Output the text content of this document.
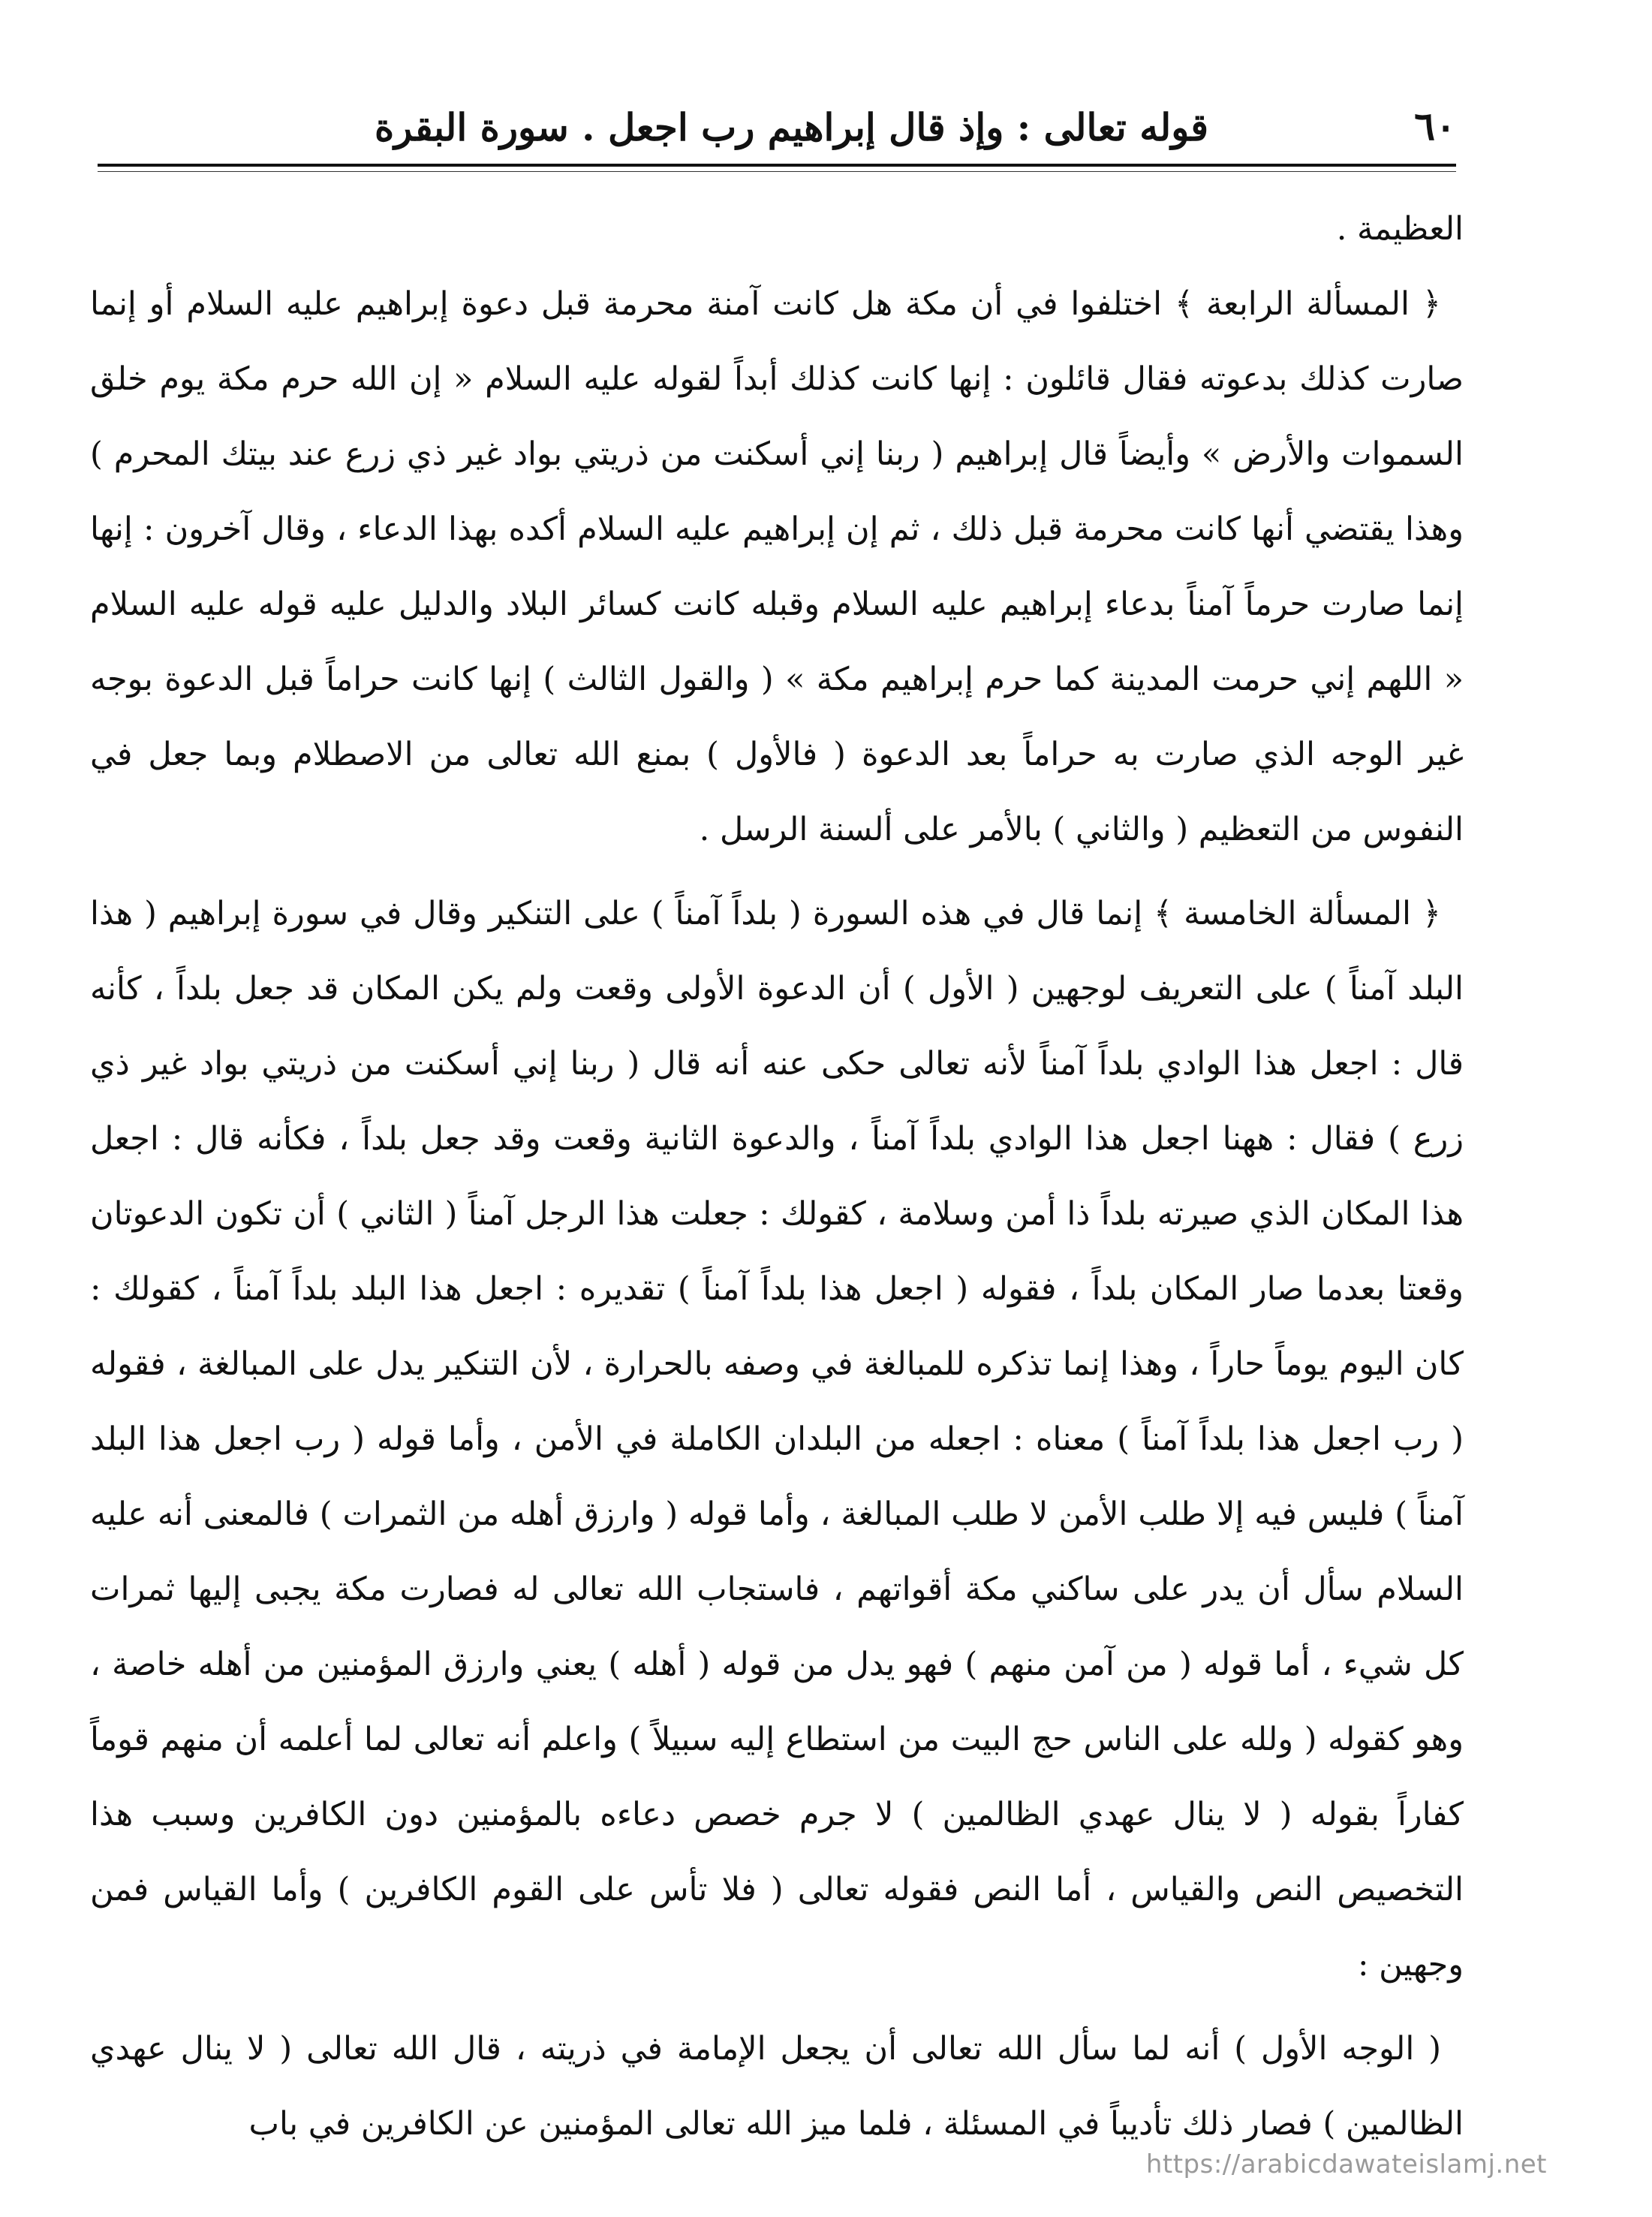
٦٠
قوله تعالى : وإذ قال إبراهيم رب اجعل . سورة البقرة

العظيمة .

﴿ المسألة الرابعة ﴾ اختلفوا في أن مكة هل كانت آمنة محرمة قبل دعوة إبراهيم عليه السلام أو إنما صارت كذلك بدعوته فقال قائلون : إنها كانت كذلك أبداً لقوله عليه السلام « إن الله حرم مكة يوم خلق السموات والأرض » وأيضاً قال إبراهيم ( ربنا إني أسكنت من ذريتي بواد غير ذي زرع عند بيتك المحرم ) وهذا يقتضي أنها كانت محرمة قبل ذلك ، ثم إن إبراهيم عليه السلام أكده بهذا الدعاء ، وقال آخرون : إنها إنما صارت حرماً آمناً بدعاء إبراهيم عليه السلام وقبله كانت كسائر البلاد والدليل عليه قوله عليه السلام « اللهم إني حرمت المدينة كما حرم إبراهيم مكة » ( والقول الثالث ) إنها كانت حراماً قبل الدعوة بوجه غير الوجه الذي صارت به حراماً بعد الدعوة ( فالأول ) بمنع الله تعالى من الاصطلام وبما جعل في النفوس من التعظيم ( والثاني ) بالأمر على ألسنة الرسل .

﴿ المسألة الخامسة ﴾ إنما قال في هذه السورة ( بلداً آمناً ) على التنكير وقال في سورة إبراهيم ( هذا البلد آمناً ) على التعريف لوجهين ( الأول ) أن الدعوة الأولى وقعت ولم يكن المكان قد جعل بلداً ، كأنه قال : اجعل هذا الوادي بلداً آمناً لأنه تعالى حكى عنه أنه قال ( ربنا إني أسكنت من ذريتي بواد غير ذي زرع ) فقال : ههنا اجعل هذا الوادي بلداً آمناً ، والدعوة الثانية وقعت وقد جعل بلداً ، فكأنه قال : اجعل هذا المكان الذي صيرته بلداً ذا أمن وسلامة ، كقولك : جعلت هذا الرجل آمناً ( الثاني ) أن تكون الدعوتان وقعتا بعدما صار المكان بلداً ، فقوله ( اجعل هذا بلداً آمناً ) تقديره : اجعل هذا البلد بلداً آمناً ، كقولك : كان اليوم يوماً حاراً ، وهذا إنما تذكره للمبالغة في وصفه بالحرارة ، لأن التنكير يدل على المبالغة ، فقوله ( رب اجعل هذا بلداً آمناً ) معناه : اجعله من البلدان الكاملة في الأمن ، وأما قوله ( رب اجعل هذا البلد آمناً ) فليس فيه إلا طلب الأمن لا طلب المبالغة ، وأما قوله ( وارزق أهله من الثمرات ) فالمعنى أنه عليه السلام سأل أن يدر على ساكني مكة أقواتهم ، فاستجاب الله تعالى له فصارت مكة يجبى إليها ثمرات كل شيء ، أما قوله ( من آمن منهم ) فهو يدل من قوله ( أهله ) يعني وارزق المؤمنين من أهله خاصة ، وهو كقوله ( ولله على الناس حج البيت من استطاع إليه سبيلاً ) واعلم أنه تعالى لما أعلمه أن منهم قوماً كفاراً بقوله ( لا ينال عهدي الظالمين ) لا جرم خصص دعاءه بالمؤمنين دون الكافرين وسبب هذا التخصيص النص والقياس ، أما النص فقوله تعالى ( فلا تأس على القوم الكافرين ) وأما القياس فمن وجهين :

( الوجه الأول ) أنه لما سأل الله تعالى أن يجعل الإمامة في ذريته ، قال الله تعالى ( لا ينال عهدي الظالمين ) فصار ذلك تأديباً في المسئلة ، فلما ميز الله تعالى المؤمنين عن الكافرين في باب

https://arabicdawateislamj.net
